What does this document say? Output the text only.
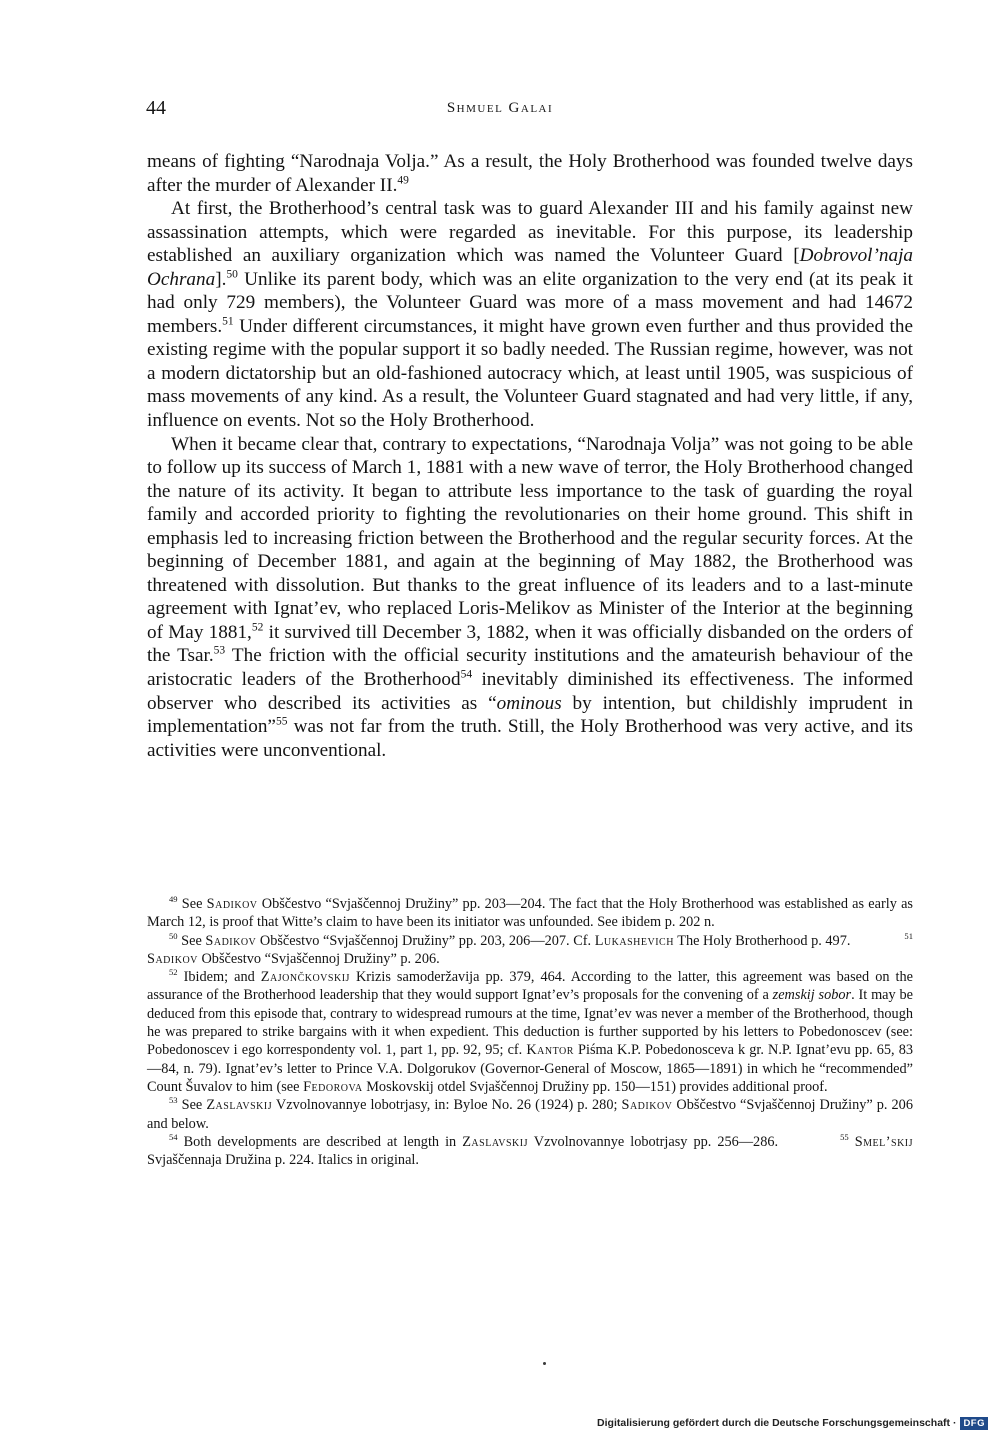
44	Shmuel Galai

means of fighting “Narodnaja Volja.” As a result, the Holy Brotherhood was founded twelve days after the murder of Alexander II.$^{49}$

At first, the Brotherhood’s central task was to guard Alexander III and his family against new assassination attempts, which were regarded as inevitable. For this purpose, its leadership established an auxiliary organization which was named the Volunteer Guard [Dobrovol’naja Ochrana].$^{50}$ Unlike its parent body, which was an elite organization to the very end (at its peak it had only 729 members), the Volunteer Guard was more of a mass movement and had 14672 members.$^{51}$ Under different circumstances, it might have grown even further and thus provided the existing regime with the popular support it so badly needed. The Russian regime, however, was not a modern dictatorship but an old-fashioned autocracy which, at least until 1905, was suspicious of mass movements of any kind. As a result, the Volunteer Guard stagnated and had very little, if any, influence on events. Not so the Holy Brotherhood.

When it became clear that, contrary to expectations, “Narodnaja Volja” was not going to be able to follow up its success of March 1, 1881 with a new wave of terror, the Holy Brotherhood changed the nature of its activity. It began to attribute less importance to the task of guarding the royal family and accorded priority to fighting the revolutionaries on their home ground. This shift in emphasis led to increasing friction between the Brotherhood and the regular security forces. At the beginning of December 1881, and again at the beginning of May 1882, the Brotherhood was threatened with dissolution. But thanks to the great influence of its leaders and to a last-minute agreement with Ignat’ev, who replaced Loris-Melikov as Minister of the Interior at the beginning of May 1881,52 it survived till December 3, 1882, when it was officially disbanded on the orders of the Tsar.$^{53}$ The friction with the official security institutions and the amateurish behaviour of the aristocratic leaders of the Brotherhood$^{54}$ inevitably diminished its effectiveness. The informed observer who described its activities as “ominous by intention, but childishly imprudent in implementation”$^{55}$ was not far from the truth. Still, the Holy Brotherhood was very active, and its activities were unconventional.

$^{49}$ See Sadikov Obščestvo “Svjaščennoj Družiny” pp. 203—204. The fact that the Holy Brotherhood was established as early as March 12, is proof that Witte’s claim to have been its initiator was unfounded. See ibidem p. 202 n.

$^{50}$ See Sadikov Obščestvo “Svjaščennoj Družiny” pp. 203, 206—207. Cf. Lukashevich The Holy Brotherhood p. 497.	$^{51}$ Sadikov Obščestvo “Svjaščennoj Družiny” p. 206.

$^{52}$ Ibidem; and Zajončkovskij Krizis samoderžavija pp. 379, 464. According to the latter, this agreement was based on the assurance of the Brotherhood leadership that they would support Ignat’ev’s proposals for the convening of a zemskij sobor. It may be deduced from this episode that, contrary to widespread rumours at the time, Ignat’ev was never a member of the Brotherhood, though he was prepared to strike bargains with it when expedient. This deduction is further supported by his letters to Pobedonoscev (see: Pobedonoscev i ego korrespondenty vol. 1, part 1, pp. 92, 95; cf. Kantor Piśma K.P. Pobedonosceva k gr. N.P. Ignat’evu pp. 65, 83—84, n. 79). Ignat’ev’s letter to Prince V.A. Dolgorukov (Governor-General of Moscow, 1865—1891) in which he “recommended” Count Šuvalov to him (see Fedorova Moskovskij otdel Svjaščennoj Družiny pp. 150—151) provides additional proof.

$^{53}$ See Zaslavskij Vzvolnovannye lobotrjasy, in: Byloe No. 26 (1924) p. 280; Sadikov Obščestvo “Svjaščennoj Družiny” p. 206 and below.

$^{54}$ Both developments are described at length in Zaslavskij Vzvolnovannye lobotrjasy pp. 256—286.	$^{55}$ Smel’skij Svjaščennaja Družina p. 224. Italics in original.

Digitalisierung gefördert durch die Deutsche Forschungsgemeinschaft · DFG
